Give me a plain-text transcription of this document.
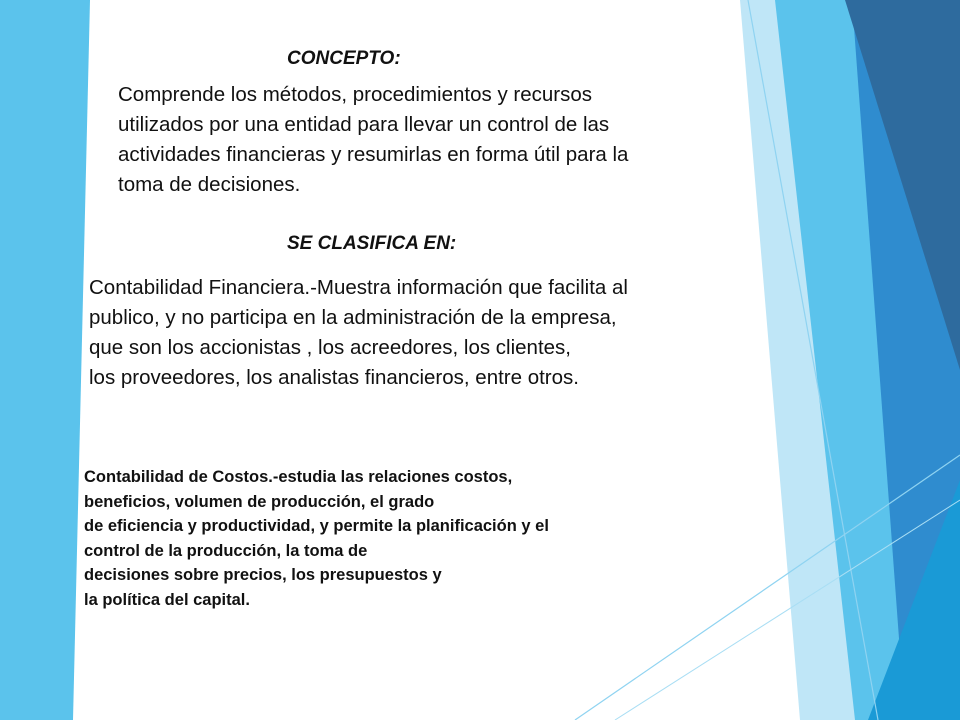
CONCEPTO:

Comprende los métodos, procedimientos y recursos
utilizados por una entidad para llevar un control de las
actividades financieras y resumirlas en forma útil para la
toma de decisiones.

SE CLASIFICA EN:

Contabilidad Financiera.-Muestra información que facilita al
publico, y no participa en la administración de la empresa,
que son los accionistas , los acreedores, los clientes,
los proveedores, los analistas financieros, entre otros.

Contabilidad de Costos.-estudia las relaciones costos,
beneficios, volumen de producción, el grado
de eficiencia y productividad, y permite la planificación y el
control de la producción, la toma de
decisiones sobre precios, los presupuestos y
la política del capital.
